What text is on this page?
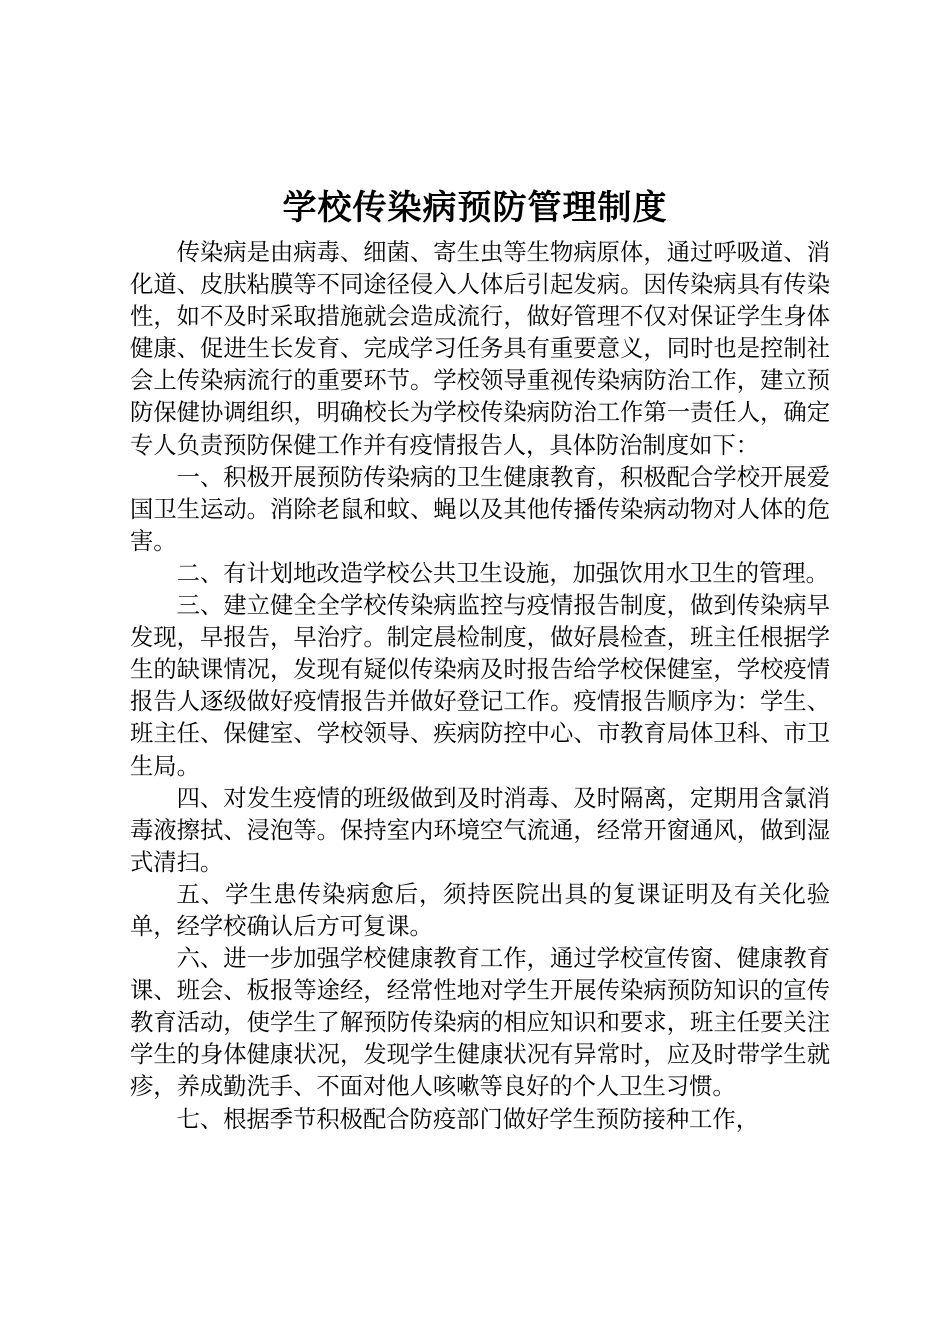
学校传染病预防管理制度

传染病是由病毒、细菌、寄生虫等生物病原体，通过呼吸道、消化道、皮肤粘膜等不同途径侵入人体后引起发病。因传染病具有传染性，如不及时采取措施就会造成流行，做好管理不仅对保证学生身体健康、促进生长发育、完成学习任务具有重要意义，同时也是控制社会上传染病流行的重要环节。学校领导重视传染病防治工作，建立预防保健协调组织，明确校长为学校传染病防治工作第一责任人，确定专人负责预防保健工作并有疫情报告人，具体防治制度如下：

一、积极开展预防传染病的卫生健康教育，积极配合学校开展爱国卫生运动。消除老鼠和蚊、蝇以及其他传播传染病动物对人体的危害。

二、有计划地改造学校公共卫生设施，加强饮用水卫生的管理。

三、建立健全全学校传染病监控与疫情报告制度，做到传染病早发现，早报告，早治疗。制定晨检制度，做好晨检查，班主任根据学生的缺课情况，发现有疑似传染病及时报告给学校保健室，学校疫情报告人逐级做好疫情报告并做好登记工作。疫情报告顺序为：学生、班主任、保健室、学校领导、疾病防控中心、市教育局体卫科、市卫生局。

四、对发生疫情的班级做到及时消毒、及时隔离，定期用含氯消毒液擦拭、浸泡等。保持室内环境空气流通，经常开窗通风，做到湿式清扫。

五、学生患传染病愈后，须持医院出具的复课证明及有关化验单，经学校确认后方可复课。

六、进一步加强学校健康教育工作，通过学校宣传窗、健康教育课、班会、板报等途经，经常性地对学生开展传染病预防知识的宣传教育活动，使学生了解预防传染病的相应知识和要求，班主任要关注学生的身体健康状况，发现学生健康状况有异常时，应及时带学生就疹，养成勤洗手、不面对他人咳嗽等良好的个人卫生习惯。

七、根据季节积极配合防疫部门做好学生预防接种工作，
